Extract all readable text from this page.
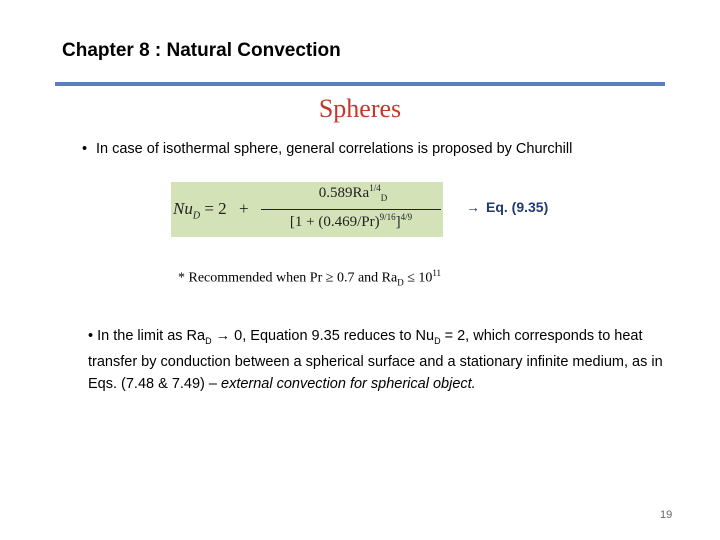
Chapter 8 : Natural Convection
Spheres
• In case of isothermal sphere, general correlations is proposed by Churchill
$Nu_D = 2$ +
$0.589Ra^{1/4}_D$
$[1 + (0.469/Pr)^{9/16}]^{4/9}$
→ Eq. (9.35)
* Recommended when Pr ≥ 0.7 and $Ra_D \le 10^{11}$
• In the limit as $Ra_D \to 0$, Equation 9.35 reduces to $Nu_D = 2$, which corresponds to heat transfer by conduction between a spherical surface and a stationary infinite medium, as in Eqs. (7.48 & 7.49) – external convection for spherical object.
19
